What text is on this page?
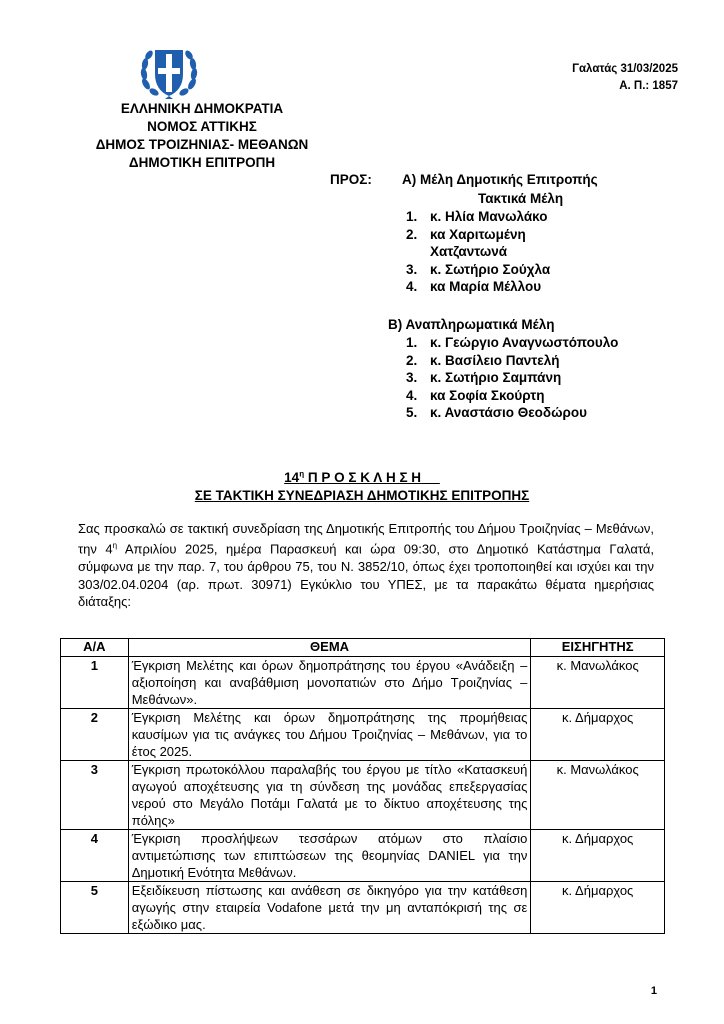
Γαλατάς 31/03/2025
Α. Π.: 1857
ΕΛΛΗΝΙΚΗ ΔΗΜΟΚΡΑΤΙΑ
ΝΟΜΟΣ ΑΤΤΙΚΗΣ
ΔΗΜΟΣ ΤΡΟΙΖΗΝΙΑΣ- ΜΕΘΑΝΩΝ
ΔΗΜΟΤΙΚΗ ΕΠΙΤΡΟΠΗ
ΠΡΟΣ: Α) Μέλη Δημοτικής Επιτροπής
Τακτικά Μέλη
1. κ. Ηλία Μανωλάκο
2. κα Χαριτωμένη Χατζαντωνά
3. κ. Σωτήριο Σούχλα
4. κα Μαρία Μέλλου
Β) Αναπληρωματικά Μέλη
1. κ. Γεώργιο Αναγνωστόπουλο
2. κ. Βασίλειο Παντελή
3. κ. Σωτήριο Σαμπάνη
4. κα Σοφία Σκούρτη
5. κ. Αναστάσιο Θεοδώρου
$14^\eta$ Π Ρ Ο Σ Κ Λ Η Σ Η
ΣΕ ΤΑΚΤΙΚΗ ΣΥΝΕΔΡΙΑΣΗ ΔΗΜΟΤΙΚΗΣ ΕΠΙΤΡΟΠΗΣ
Σας προσκαλώ σε τακτική συνεδρίαση της Δημοτικής Επιτροπής του Δήμου Τροιζηνίας – Μεθάνων, την $4^\eta$ Απριλίου 2025, ημέρα Παρασκευή και ώρα 09:30, στο Δημοτικό Κατάστημα Γαλατά, σύμφωνα με την παρ. 7, του άρθρου 75, του Ν. 3852/10, όπως έχει τροποποιηθεί και ισχύει και την 303/02.04.0204 (αρ. πρωτ. 30971) Εγκύκλιο του ΥΠΕΣ, με τα παρακάτω θέματα ημερήσιας διάταξης:
Α/Α	ΘΕΜΑ	ΕΙΣΗΓΗΤΗΣ
1	Έγκριση Μελέτης και όρων δημοπράτησης του έργου «Ανάδειξη – αξιοποίηση και αναβάθμιση μονοπατιών στο Δήμο Τροιζηνίας – Μεθάνων».	κ. Μανωλάκος
2	Έγκριση Μελέτης και όρων δημοπράτησης της προμήθειας καυσίμων για τις ανάγκες του Δήμου Τροιζηνίας – Μεθάνων, για το έτος 2025.	κ. Δήμαρχος
3	Έγκριση πρωτοκόλλου παραλαβής του έργου με τίτλο «Κατασκευή αγωγού αποχέτευσης για τη σύνδεση της μονάδας επεξεργασίας νερού στο Μεγάλο Ποτάμι Γαλατά με το δίκτυο αποχέτευσης της πόλης»	κ. Μανωλάκος
4	Έγκριση προσλήψεων τεσσάρων ατόμων στο πλαίσιο αντιμετώπισης των επιπτώσεων της θεομηνίας DANIEL για την Δημοτική Ενότητα Μεθάνων.	κ. Δήμαρχος
5	Εξειδίκευση πίστωσης και ανάθεση σε δικηγόρο για την κατάθεση αγωγής στην εταιρεία Vodafone μετά την μη ανταπόκρισή της σε εξώδικο μας.	κ. Δήμαρχος
1
